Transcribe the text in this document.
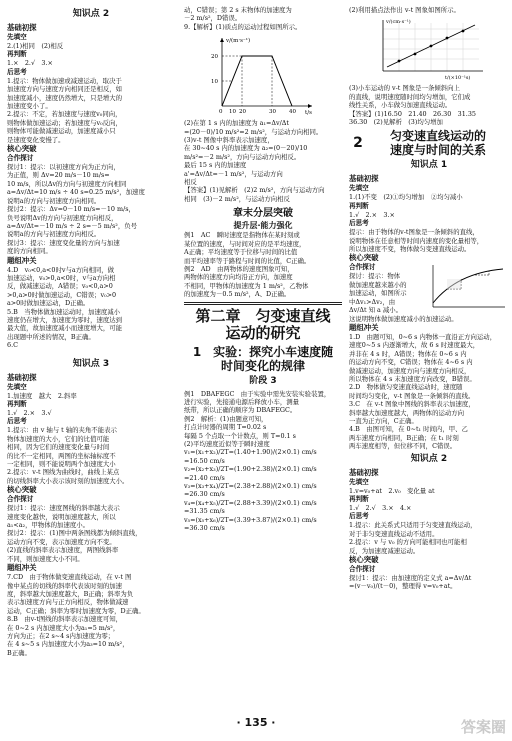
知识点 2
基础初探
先填空
2.(1)相同　(2)相反
再判断
1.×　2.√　3.×
后思考
1.提示：物体做加速或减速运动，取决于
加速度方向与速度方向相同还是相反，如
加速度减小，速度仍然增大，只是增大的
加速度变小了。
2.提示：不定，若加速度与速度v₀同向，
则物体做加速运动；若加速度与v₀反向，
则物体可能做减速运动，加速度减小只
是速度变化变慢了。
核心突破
合作探讨
探讨1：提示：以初速度方向为正方向，
为正值，则 Δv=20 m/s－10 m/s=
10 m/s，所以Δv的方向与初速度方向相同
a=Δv/Δt=10 m/s ÷ 40 s=0.25 m/s²，加速度
说明a的方向与初速度方向相同。
探讨2：提示：Δv=0－10 m/s=－10 m/s，
负号说明Δv的方向与初速度方向相反，
a=Δv/Δt=－10 m/s ÷ 2 s=－5 m/s²，负号
说明a的方向与初速度方向相反。
探讨3：提示：速度变化量的方向与加速
度的方向相同。
题组冲关
4.D　v₀<0,a<0时v与a方向相同，做
加速运动，v₀>0,a<0时，v与a方向相
反，做减速运动，A错误；v₀<0,a>0
>0,a>0时做加速运动，C错误；v₀>0
a>0时做加速运动，D正确。
5.B　当物体做加速运动时，加速度减小
速度仍在增大，加速度为零时，速度达到
最大值，故加速度减小而速度增大，可能
出现题中所述的情况，B正确。
6.C
知识点 3
基础初探
先填空
1.加速度　越大　2.斜率
再判断
1.√　2.×　3.√
后思考
1.提示：由 v 轴与 t 轴的夹角不能表示
物体加速度的大小，它们的比值可能
相同，因为它们的速度变化量与时间
的比不一定相同，两图的坐标轴标度不
一定相同，则不能说明两个加速度大小
2.提示：v-t 图线为曲线时，曲线上某点
的切线斜率大小表示该时刻的加速度大小。
核心突破
合作探讨
探讨1：提示：速度图线的斜率越大表示
速度变化越快，说明加速度越大，所以
a₁<a₂，甲物体的加速度小。
探讨2：提示：(1)图中两条图线都为倾斜直线，
运动方向不变，表示加速度方向不变。
(2)直线的斜率表示加速度，两图线斜率
不同，则加速度大小不同。
题组冲关
7.CD　由于物体做变速直线运动，在 v-t 图
像中某点的切线的斜率代表该时刻的加速
度，斜率越大加速度越大，B正确；斜率为负
表示加速度方向与正方向相反，物体做减速
运动，C正确；斜率为零时加速度为零，D正确。
8.B　由v-t图线的斜率表示加速度可知，
在 0~2 s 内加速度大小为a₁=5 m/s²，
方向为正；在2 s~4 s内加速度为零；
在 4 s~5 s 内加速度大小为a₃=10 m/s²，
B正确。
动，C错误；第 2 s 末物体的加速度为
－2 m/s²，D错误。
9.【解析】(1)质点的运动过程如图所示。
v/(m·s⁻¹)
20
10
0 10 20	30 40 t/s
(2)在第 1 s 内的加速度为 a₁=Δv/Δt
=(20－0)/10 m/s²=2 m/s²，与运动方向相同。
(3)v-t 图像中斜率表示加速度，
在 30~40 s 内的加速度为 a₂=(0－20)/10
m/s²=－2 m/s²，方向与运动方向相反。
最后 15 s 内的加速度
a'=Δv/Δt=－1 m/s²，与运动方向
相反
【答案】(1)见解析　(2)2 m/s²，方向与运动方向
相同　(3)－2 m/s²，与运动方向相反
章末分层突破
提升层·能力强化
例1　AC　瞬时速度是指物体在某时刻或
某位置的速度，与时间对应的是平均速度，
A正确；平均速度等于位移与时间的比值
而平均速率等于路程与时间的比值，C正确。
例2　AD　由两物体的速度图象可知，
两物体的速度方向均沿正方向，加速度
不相同，甲物体的加速度为 1 m/s²，乙物体
的加速度为－0.5 m/s²，A、D正确。
第二章　匀变速直线
运动的研究
1　实验：探究小车速度随
时间变化的规律
阶段 3
例1　DBAFEGC　由于实验中需先安装实验装置，
进行实验，先接通电源后释放小车，测量
纸带，所以正确的顺序为 DBAFEGC。
例2　解析：(1)由题意可知，
打点计时器的周期 T=0.02 s
每隔 5 个点取一个计数点，则 T=0.1 s
(2)平均速度近似等于瞬时速度
v₁=(x₁+x₂)/2T=(1.40+1.90)/(2×0.1) cm/s
=16.50 cm/s
v₂=(x₂+x₃)/2T=(1.90+2.38)/(2×0.1) cm/s
=21.40 cm/s
v₃=(x₃+x₄)/2T=(2.38+2.88)/(2×0.1) cm/s
=26.30 cm/s
v₄=(x₄+x₅)/2T=(2.88+3.39)/(2×0.1) cm/s
=31.35 cm/s
v₅=(x₅+x₆)/2T=(3.39+3.87)/(2×0.1) cm/s
=36.30 cm/s
(2)利用描点法作出 v-t 图象如图所示。
v/(cm·s⁻¹)
t/(×10⁻¹s)
(3)小车运动的 v-t 图象是一条倾斜向上
的直线，说明速度随时间均匀增加，它们成
线性关系，小车做匀加速直线运动。
【答案】(1)16.50　21.40　26.30　31.35
36.30　(2)见解析　(3)均匀增加
2	匀变速直线运动的
速度与时间的关系
知识点 1
基础初探
先填空
1.(1)不变　(2)①均匀增加　②均匀减小
再判断
1.√　2.×　3.×
后思考
提示：由于物体的v-t图象是一条倾斜的直线，
说明物体在任意相等时间内速度的变化量相等，
所以加速度不变，物体做匀变速直线运动。
核心突破
合作探讨
探讨：提示：物体
做加速度越来越小的
加速运动，如图所示
中Δv₁>Δv₂，由
Δv/Δt 知 a 减小。
这说明物体做加速度减小的加速运动。
题组冲关
1.D　由题可知，0~6 s 内物体一直沿正方向运动，
速度0~5 s 内逐渐增大，故 6 s 时速度最大，
并非在 4 s 时，A错误；物体在 0~6 s 内
的运动方向不变，C错误；物体在 4~6 s 内
做减速运动，加速度方向与速度方向相反，
所以物体在 4 s 末加速度方向改变，B错误。
2.D　物体做匀变速直线运动时，速度随
时间均匀变化，v-t 图象是一条倾斜的直线。
3.C　在 v-t 图象中图线的斜率表示加速度，
斜率越大加速度越大，两物体的运动方向
一直为正方向，C正确。
4.B　由图可知，在 0~t₁ 时间内，甲、乙
两车速度方向相同，B正确；在 t₁ 时刻
两车速度相等，但位移不同，C错误。
知识点 2
基础初探
先填空
1.v=v₀+at　2.v₀　变化量 at
再判断
1.√　2.√　3.×　4.×
后思考
1.提示：此关系式只适用于匀变速直线运动，
对于非匀变速直线运动不适用。
2.提示：v 与 v₀ 的方向可能相同也可能相
反，为加速度减速运动。
核心突破
合作探讨
探讨1：提示：由加速度的定义式 a=Δv/Δt
=(v－v₀)/(t－0)，整理得 v=v₀+at。
· 135 ·	答案圈
